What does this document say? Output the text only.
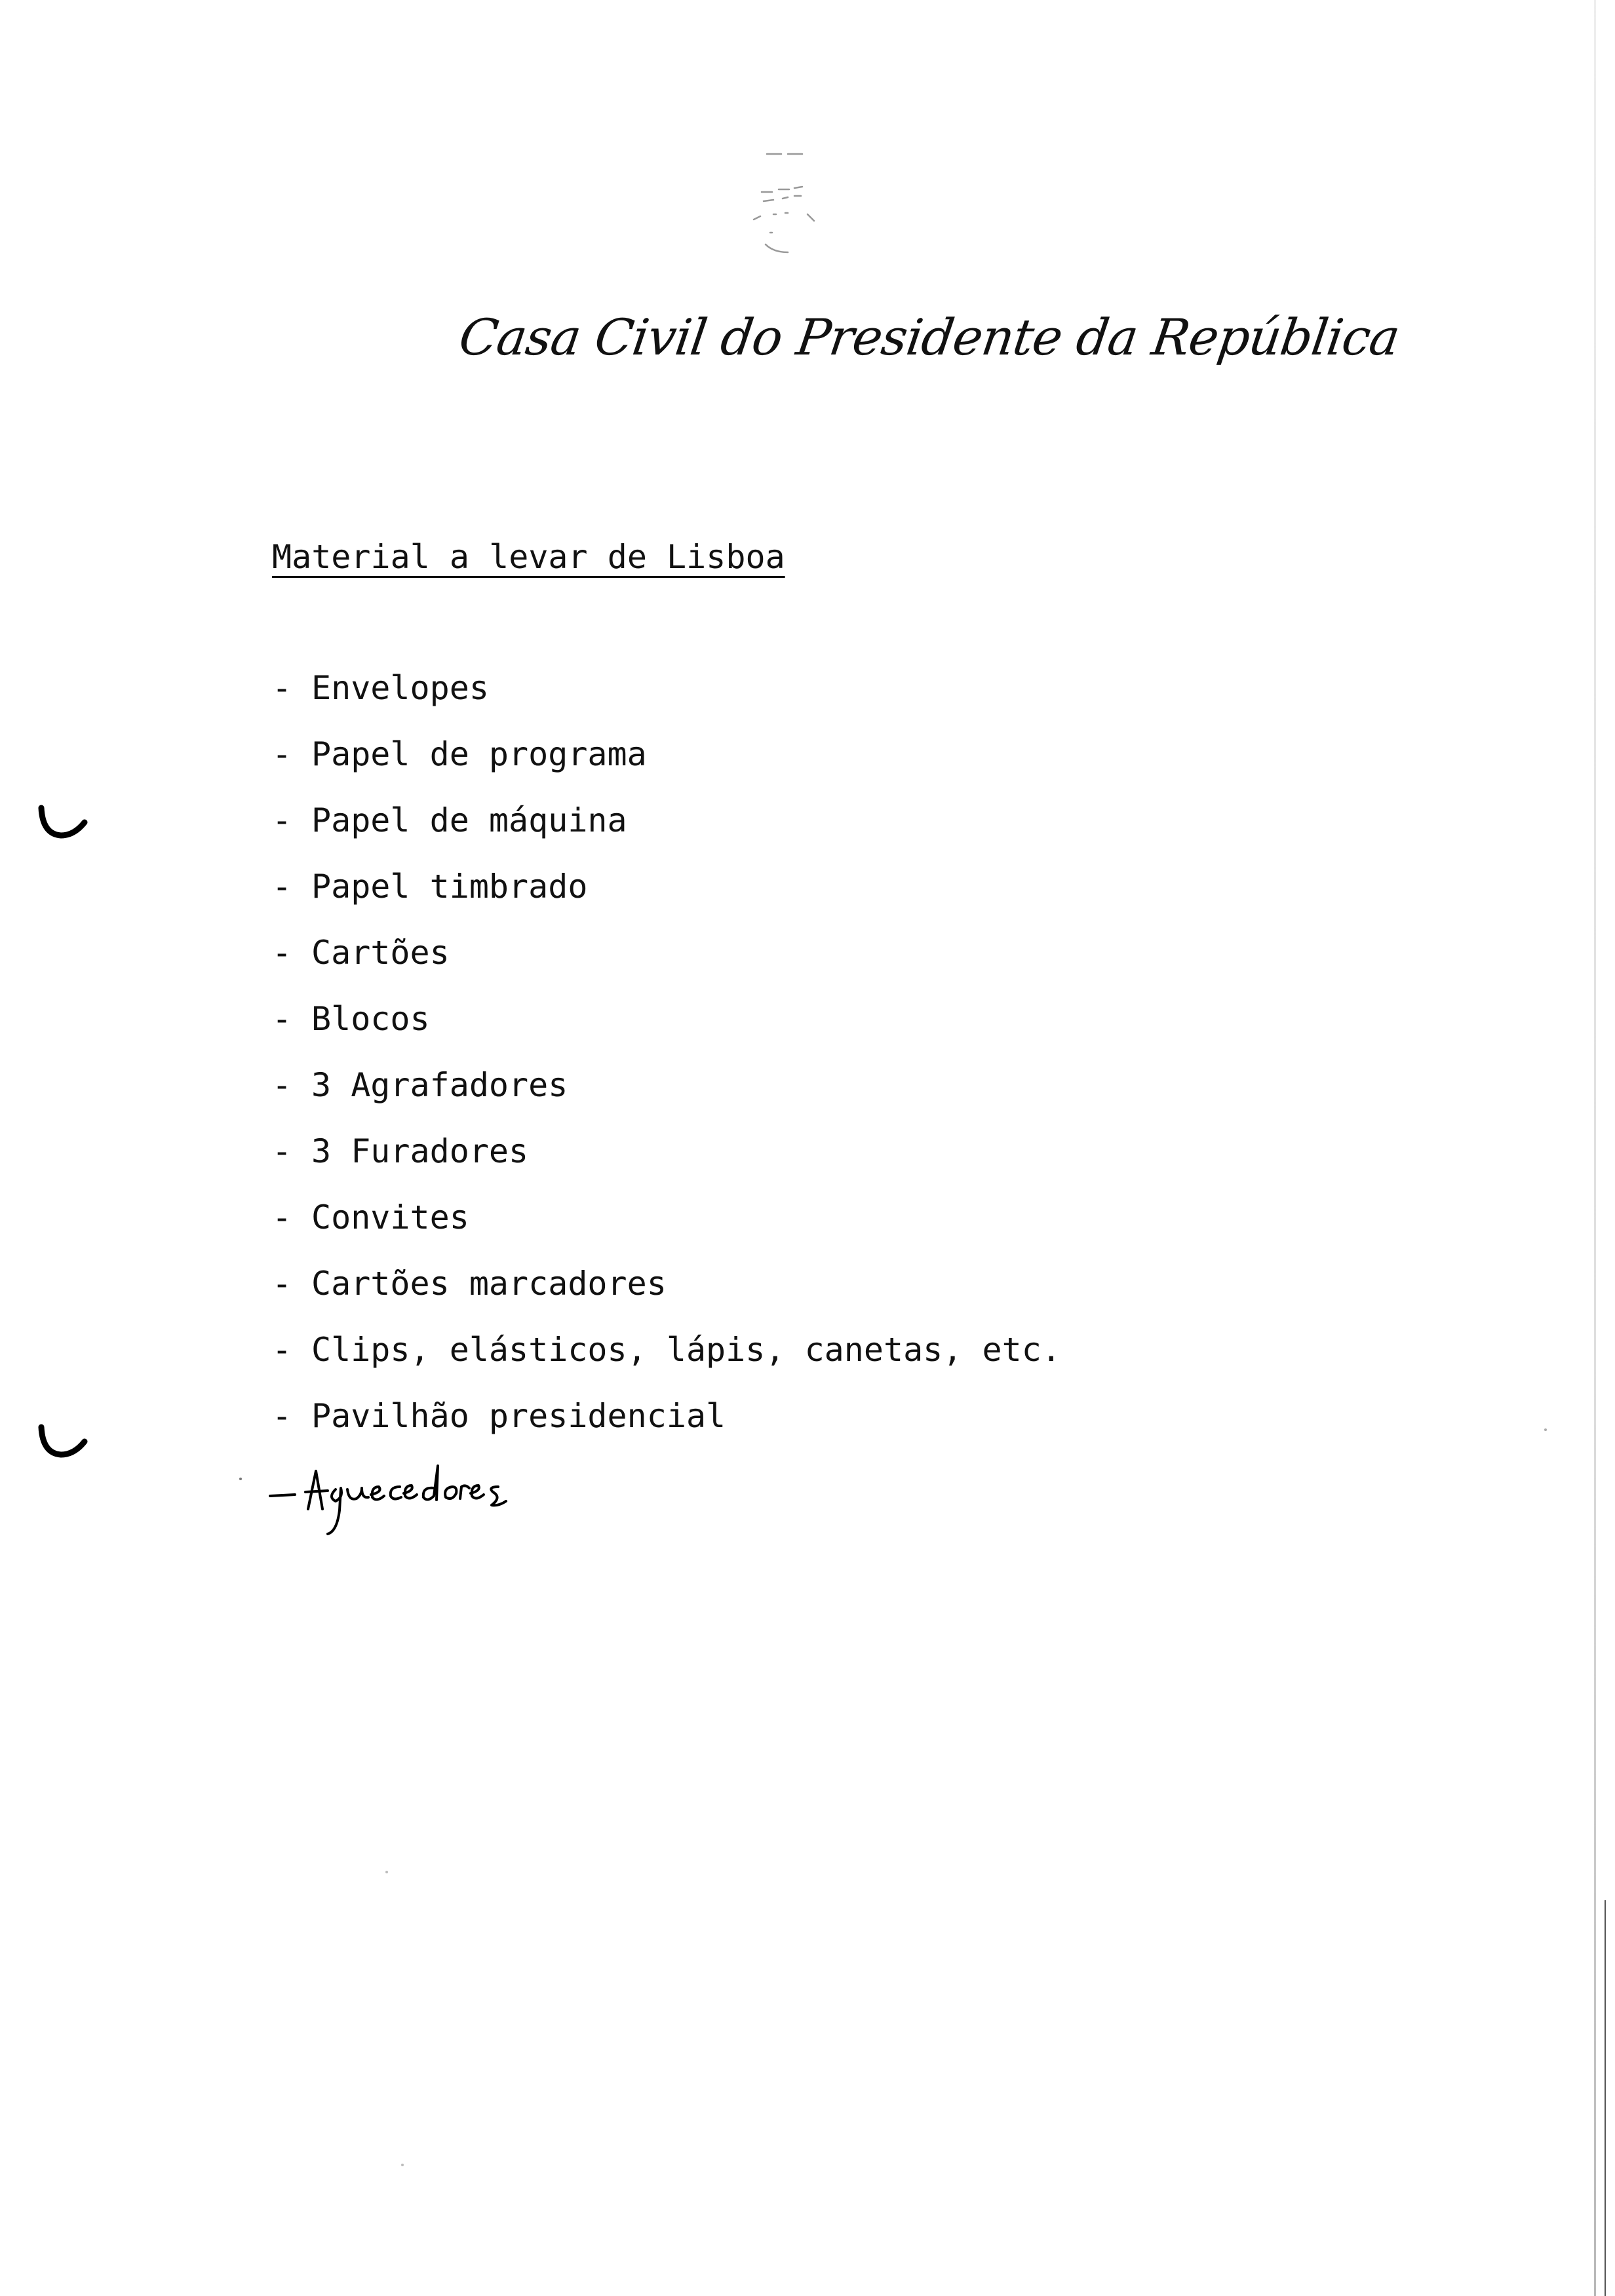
Casa Civil do Presidente da República
Material a levar de Lisboa
- Envelopes
- Papel de programa
- Papel de máquina
- Papel timbrado
- Cartões
- Blocos
- 3 Agrafadores
- 3 Furadores
- Convites
- Cartões marcadores
- Clips, elásticos, lápis, canetas, etc.
- Pavilhão presidencial
